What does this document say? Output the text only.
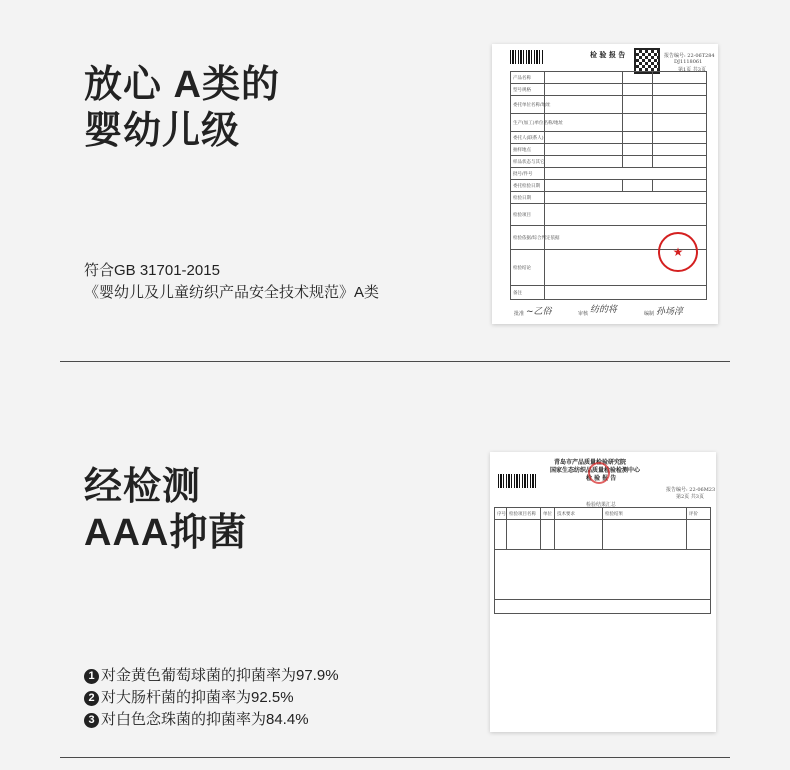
放心 A类的
婴幼儿级
符合GB 31701-2015
《婴幼儿及儿童纺织产品安全技术规范》A类
检 验 报 告	报告编号: 22-06T284
DJ1118061
第1页 共3页
产品名称			
型号规格			
委托单位名称/地址			
生产(加工)单位名称/地址			
委托人(联系人)			
抽样地点			
样品状态与其它			
批号/件号			
委托检验日期			
检验日期			
检验项目			
检验依据/综合判定依据			
检验结论			
备注			
★
批准 ~乙俗	审核 纺的将	编制 孙场淳
经检测
AAA抑菌
青岛市产品质量检验研究院
国家生态纺织品质量检验检测中心
检 验 报 告
报告编号: 22-06M23
第2页 共3页
检验结果汇总
序号	检验项目名称	单位	技术要求	检验结果	评价

1 对金黄色葡萄球菌的抑菌率为97.9%
2 对大肠杆菌的抑菌率为92.5%
3 对白色念珠菌的抑菌率为84.4%
